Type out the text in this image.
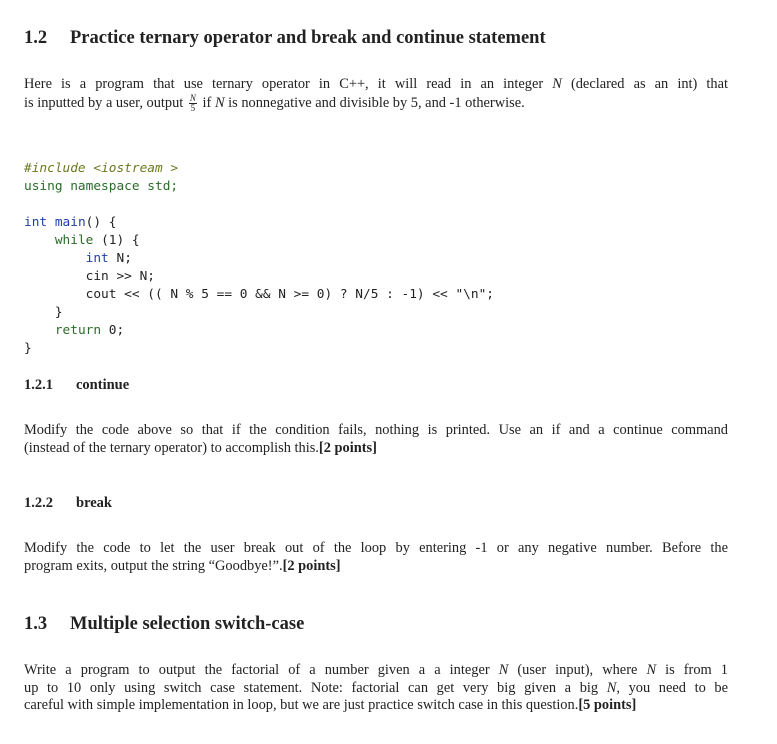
1.2 Practice ternary operator and break and continue statement
Here is a program that use ternary operator in C++, it will read in an integer N (declared as an int) that
is inputted by a user, output $\frac{N}{5}$ if N is nonnegative and divisible by 5, and -1 otherwise.

#include <iostream >
using namespace std;

int main() {
while (1) {
int N;
cin >> N;
cout << (( N % 5 == 0 && N >= 0) ? N/5 : -1) << "\n";
}
return 0;
}

1.2.1 continue
Modify the code above so that if the condition fails, nothing is printed. Use an if and a continue command
(instead of the ternary operator) to accomplish this.[2 points]
1.2.2 break
Modify the code to let the user break out of the loop by entering -1 or any negative number. Before the
program exits, output the string “Goodbye!”.[2 points]
1.3 Multiple selection switch-case
Write a program to output the factorial of a number given a a integer N (user input), where N is from 1
up to 10 only using switch case statement. Note: factorial can get very big given a big N, you need to be
careful with simple implementation in loop, but we are just practice switch case in this question.[5 points]
